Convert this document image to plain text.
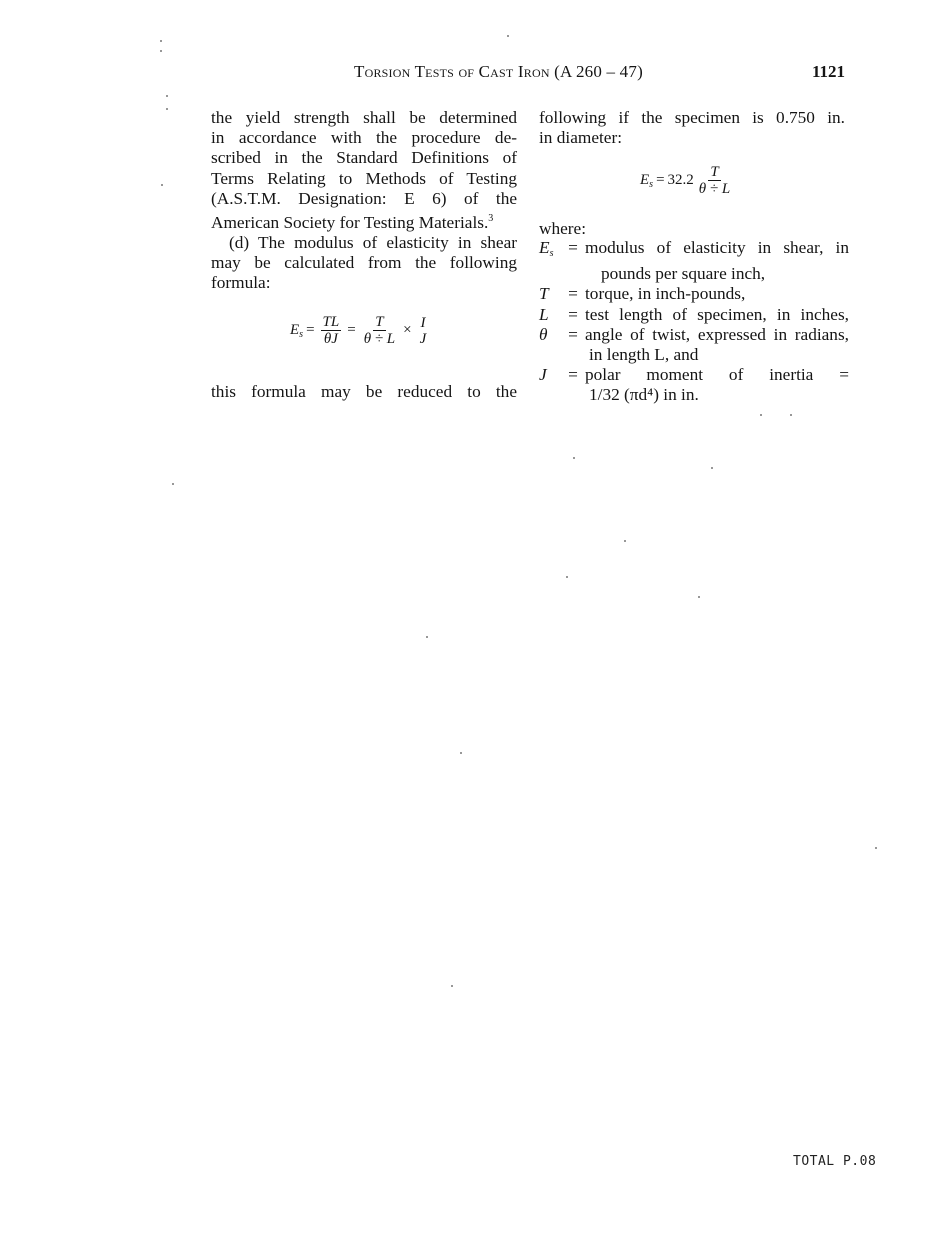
Torsion Tests of Cast Iron (A 260 – 47)	1121
the yield strength shall be determined
in accordance with the procedure de-
scribed in the Standard Definitions of
Terms Relating to Methods of Testing
(A.S.T.M. Designation: E 6) of the
American Society for Testing Materials.$^3$
(d) The modulus of elasticity in shear
may be calculated from the following
formula:
$E_s = \frac{TL}{\theta J} = \frac{T}{\theta \div L} \times I$
J
this formula may be reduced to the
following if the specimen is 0.750 in.
in diameter:
$E_s = 32.2 \frac{T}{\theta \div L}$
where:
$E_s$ = modulus of elasticity in shear, in
pounds per square inch,
T	= torque, in inch-pounds,
L	= test length of specimen, in inches,
θ	= angle of twist, expressed in radians,
in length L, and
J	= polar moment of inertia =
1/32 (πd⁴) in in.
TOTAL P.08
